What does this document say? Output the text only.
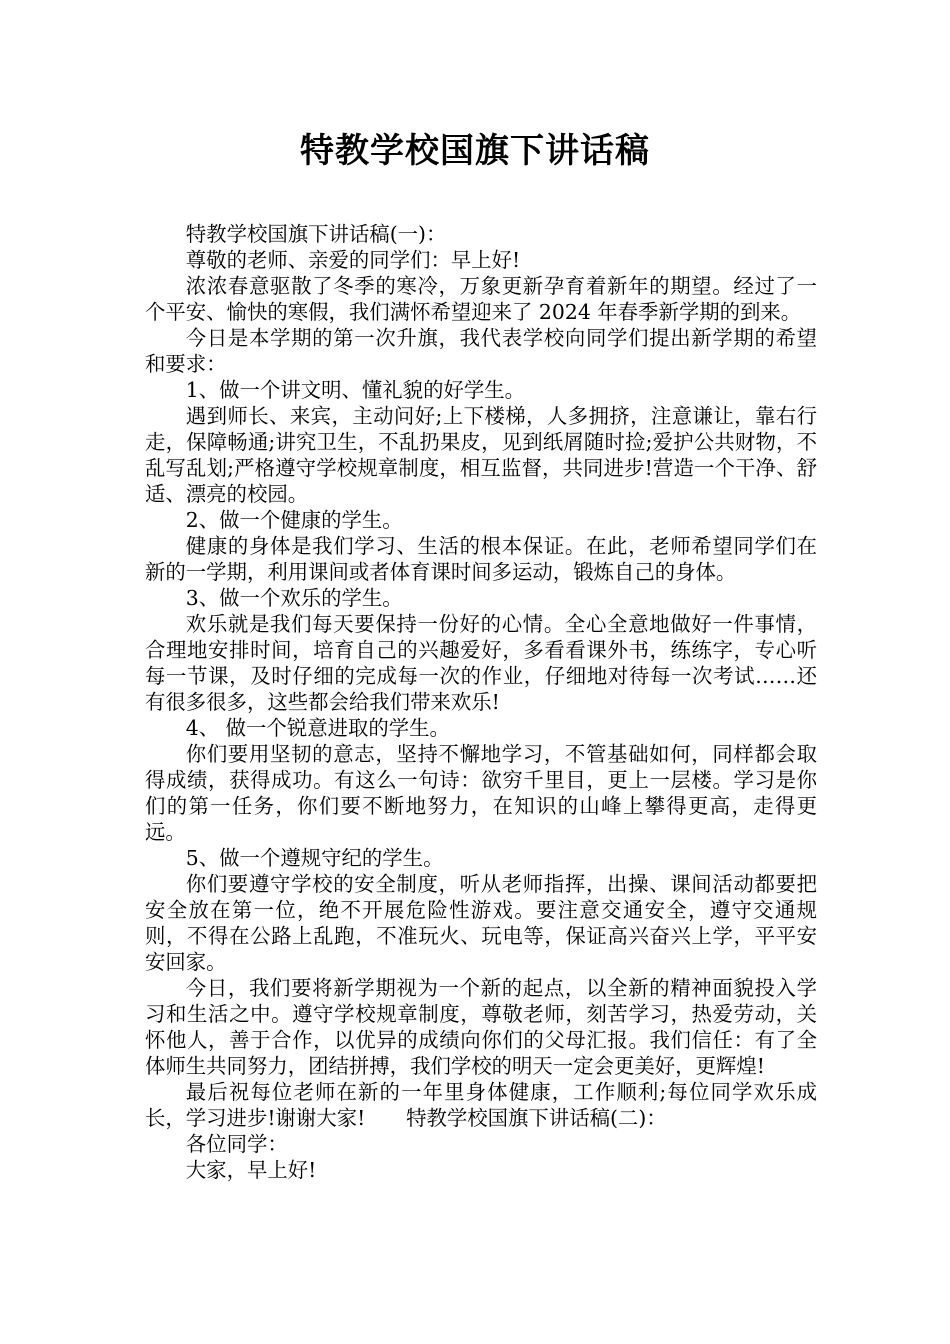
特教学校国旗下讲话稿

特教学校国旗下讲话稿(一)：

尊敬的老师、亲爱的同学们：早上好!

浓浓春意驱散了冬季的寒冷，万象更新孕育着新年的期望。经过了一个平安、愉快的寒假，我们满怀希望迎来了 2024 年春季新学期的到来。

今日是本学期的第一次升旗，我代表学校向同学们提出新学期的希望和要求：

1、做一个讲文明、懂礼貌的好学生。

遇到师长、来宾，主动问好;上下楼梯，人多拥挤，注意谦让，靠右行走，保障畅通;讲究卫生，不乱扔果皮，见到纸屑随时捡;爱护公共财物，不乱写乱划;严格遵守学校规章制度，相互监督，共同进步!营造一个干净、舒适、漂亮的校园。

2、做一个健康的学生。

健康的身体是我们学习、生活的根本保证。在此，老师希望同学们在新的一学期，利用课间或者体育课时间多运动，锻炼自己的身体。

3、做一个欢乐的学生。

欢乐就是我们每天要保持一份好的心情。全心全意地做好一件事情，合理地安排时间，培育自己的兴趣爱好，多看看课外书，练练字，专心听每一节课，及时仔细的完成每一次的作业，仔细地对待每一次考试……还有很多很多，这些都会给我们带来欢乐!

4、 做一个锐意进取的学生。

你们要用坚韧的意志，坚持不懈地学习，不管基础如何，同样都会取得成绩，获得成功。有这么一句诗：欲穷千里目，更上一层楼。学习是你们的第一任务，你们要不断地努力，在知识的山峰上攀得更高，走得更远。

5、做一个遵规守纪的学生。

你们要遵守学校的安全制度，听从老师指挥，出操、课间活动都要把安全放在第一位，绝不开展危险性游戏。要注意交通安全，遵守交通规则，不得在公路上乱跑，不准玩火、玩电等，保证高兴奋兴上学，平平安安回家。

今日，我们要将新学期视为一个新的起点，以全新的精神面貌投入学习和生活之中。遵守学校规章制度，尊敬老师，刻苦学习，热爱劳动，关怀他人，善于合作，以优异的成绩向你们的父母汇报。我们信任：有了全体师生共同努力，团结拼搏，我们学校的明天一定会更美好，更辉煌!

最后祝每位老师在新的一年里身体健康，工作顺利;每位同学欢乐成长，学习进步!谢谢大家!　　特教学校国旗下讲话稿(二)：

各位同学：

大家，早上好!
